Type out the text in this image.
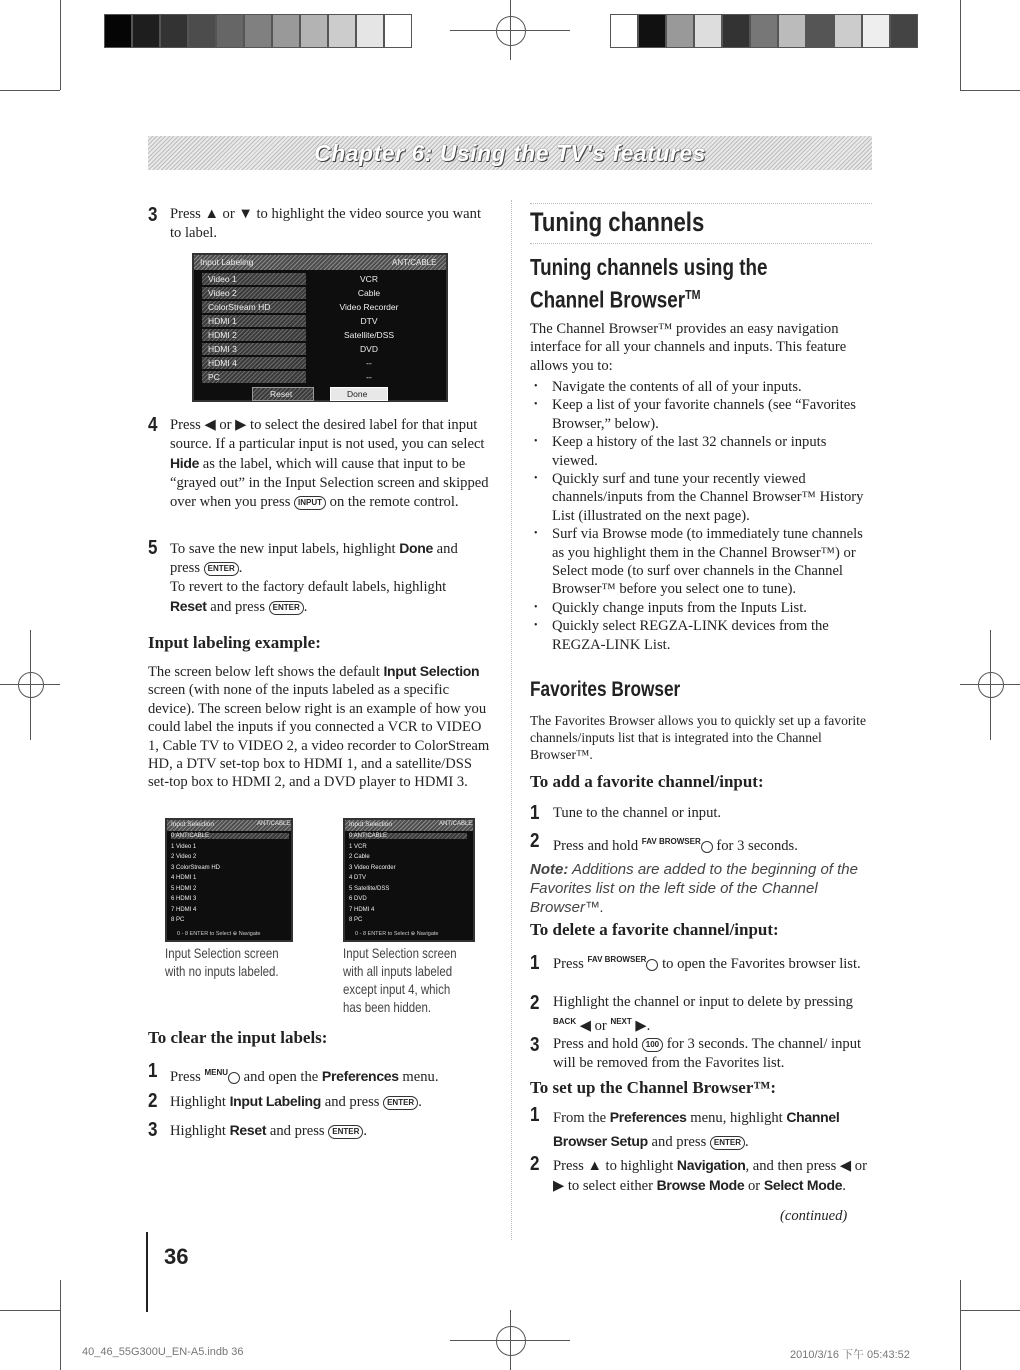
Chapter 6: Using the TV's features
3 Press ▲ or ▼ to highlight the video source you want to label.
Input Labeling	ANT/CABLE
Video 1	VCR
Video 2	Cable
ColorStream HD	Video Recorder
HDMI 1	DTV
HDMI 2	Satellite/DSS
HDMI 3	DVD
HDMI 4	--
PC	--
Reset	Done
4 Press ◀ or ▶ to select the desired label for that input source. If a particular input is not used, you can select Hide as the label, which will cause that input to be “grayed out” in the Input Selection screen and skipped over when you press INPUT on the remote control.
5 To save the new input labels, highlight Done and press ENTER .
To revert to the factory default labels, highlight
Reset and press ENTER .
Input labeling example:
The screen below left shows the default Input Selection screen (with none of the inputs labeled as a specific device). The screen below right is an example of how you could label the inputs if you connected a VCR to VIDEO 1, Cable TV to VIDEO 2, a video recorder to ColorStream HD, a DTV set-top box to HDMI 1, and a satellite/DSS set-top box to HDMI 2, and a DVD player to HDMI 3.
Input Selection	ANT/CABLE
0 ANT/CABLE
1 Video 1
2 Video 2
3 ColorStream HD
4 HDMI 1
5 HDMI 2
6 HDMI 3
7 HDMI 4
8 PC
0 - 8 ENTER to Select ⊕ Navigate
Input Selection	ANT/CABLE
0 ANT/CABLE
1 VCR
2 Cable
3 Video Recorder
4 DTV
5 Satellite/DSS
6 DVD
7 HDMI 4
8 PC
0 - 8 ENTER to Select ⊕ Navigate
Input Selection screen
with no inputs labeled.
Input Selection screen
with all inputs labeled
except input 4, which
has been hidden.
To clear the input labels:
1 Press $^{MENU}$ and open the Preferences menu.
2 Highlight Input Labeling and press ENTER .
3 Highlight Reset and press ENTER .
36
Tuning channels
Tuning channels using the
Channel Browser™
The Channel Browser™ provides an easy navigation interface for all your channels and inputs. This feature allows you to:
• Navigate the contents of all of your inputs.
• Keep a list of your favorite channels (see “Favorites Browser,” below).
• Keep a history of the last 32 channels or inputs viewed.
• Quickly surf and tune your recently viewed channels/inputs from the Channel Browser™ History List (illustrated on the next page).
• Surf via Browse mode (to immediately tune channels as you highlight them in the Channel Browser™) or Select mode (to surf over channels in the Channel Browser™ before you select one to tune).
• Quickly change inputs from the Inputs List.
• Quickly select REGZA-LINK devices from the REGZA-LINK List.
Favorites Browser
The Favorites Browser allows you to quickly set up a favorite channels/inputs list that is integrated into the Channel Browser™.
To add a favorite channel/input:
1 Tune to the channel or input.
2 Press and hold $^{FAV BROWSER}$ for 3 seconds.
Note: Additions are added to the beginning of the Favorites list on the left side of the Channel Browser™.
To delete a favorite channel/input:
1 Press $^{FAV BROWSER}$ to open the Favorites browser list.
2 Highlight the channel or input to delete by pressing $^{BACK}$ ◀ or $^{NEXT}$ ▶.
3 Press and hold 100 for 3 seconds. The channel/ input will be removed from the Favorites list.
To set up the Channel Browser™:
1 From the Preferences menu, highlight Channel Browser Setup and press ENTER .
2 Press ▲ to highlight Navigation, and then press ◀ or ▶ to select either Browse Mode or Select Mode.
(continued)
40_46_55G300U_EN-A5.indb 36	2010/3/16 下午 05:43:52
